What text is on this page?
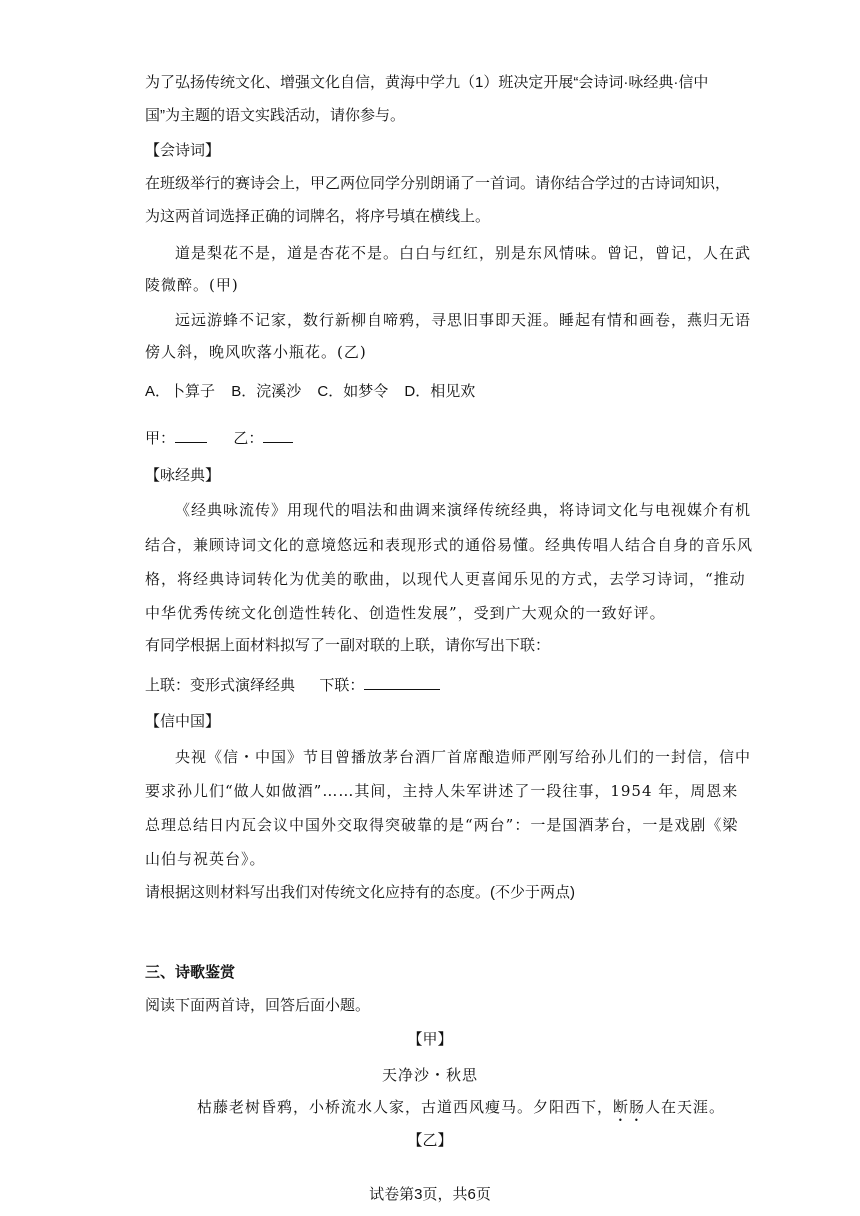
为了弘扬传统文化、增强文化自信，黄海中学九（1）班决定开展“会诗词·咏经典·信中
国”为主题的语文实践活动，请你参与。
【会诗词】
在班级举行的赛诗会上，甲乙两位同学分别朗诵了一首词。请你结合学过的古诗词知识，
为这两首词选择正确的词牌名，将序号填在横线上。
道是梨花不是，道是杏花不是。白白与红红，别是东风情味。曾记，曾记，人在武
陵微醉。(甲)
远远游蜂不记家，数行新柳自啼鸦，寻思旧事即天涯。睡起有情和画卷，燕归无语
傍人斜，晚风吹落小瓶花。(乙)
A．卜算子 B．浣溪沙 C．如梦令 D．相见欢
甲：	乙：
【咏经典】
《经典咏流传》用现代的唱法和曲调来演绎传统经典，将诗词文化与电视媒介有机
结合，兼顾诗词文化的意境悠远和表现形式的通俗易懂。经典传唱人结合自身的音乐风
格，将经典诗词转化为优美的歌曲，以现代人更喜闻乐见的方式，去学习诗词，“推动
中华优秀传统文化创造性转化、创造性发展”，受到广大观众的一致好评。
有同学根据上面材料拟写了一副对联的上联，请你写出下联：
上联：变形式演绎经典 下联：
【信中国】
央视《信・中国》节目曾播放茅台酒厂首席酿造师严刚写给孙儿们的一封信，信中
要求孙儿们“做人如做酒”……其间，主持人朱军讲述了一段往事，1954 年，周恩来
总理总结日内瓦会议中国外交取得突破靠的是“两台”：一是国酒茅台，一是戏剧《梁
山伯与祝英台》。
请根据这则材料写出我们对传统文化应持有的态度。(不少于两点)
三、诗歌鉴赏
阅读下面两首诗，回答后面小题。
【甲】
天净沙・秋思
枯藤老树昏鸦，小桥流水人家，古道西风瘦马。夕阳西下，断肠人在天涯。
【乙】
试卷第3页，共6页
